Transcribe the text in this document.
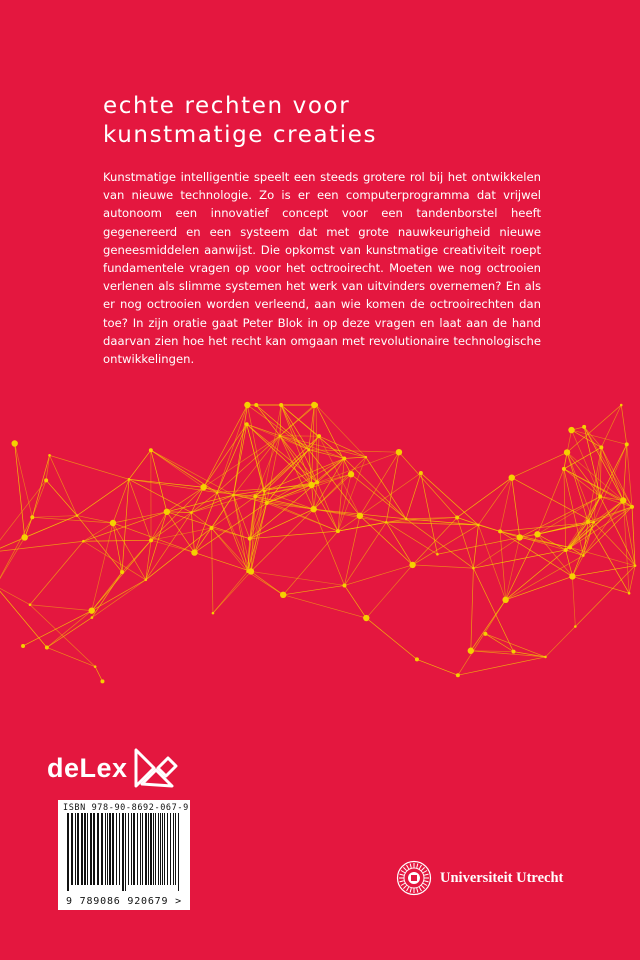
echte rechten voor
kunstmatige creaties

Kunstmatige intelligentie speelt een steeds grotere rol bij het ontwikkelen van nieuwe technologie. Zo is er een computerprogramma dat vrijwel autonoom een innovatief concept voor een tandenborstel heeft gegenereerd en een systeem dat met grote nauwkeurigheid nieuwe geneesmiddelen aanwijst. Die opkomst van kunstmatige creativiteit roept fundamentele vragen op voor het octrooirecht. Moeten we nog octrooien verlenen als slimme systemen het werk van uitvinders overnemen? En als er nog octrooien worden verleend, aan wie komen de octrooirechten dan toe? In zijn oratie gaat Peter Blok in op deze vragen en laat aan de hand daarvan zien hoe het recht kan omgaan met revolutionaire technologische ontwikkelingen.

deLex
ISBN 978-90-8692-067-9
9 789086 920679 >
Universiteit Utrecht
